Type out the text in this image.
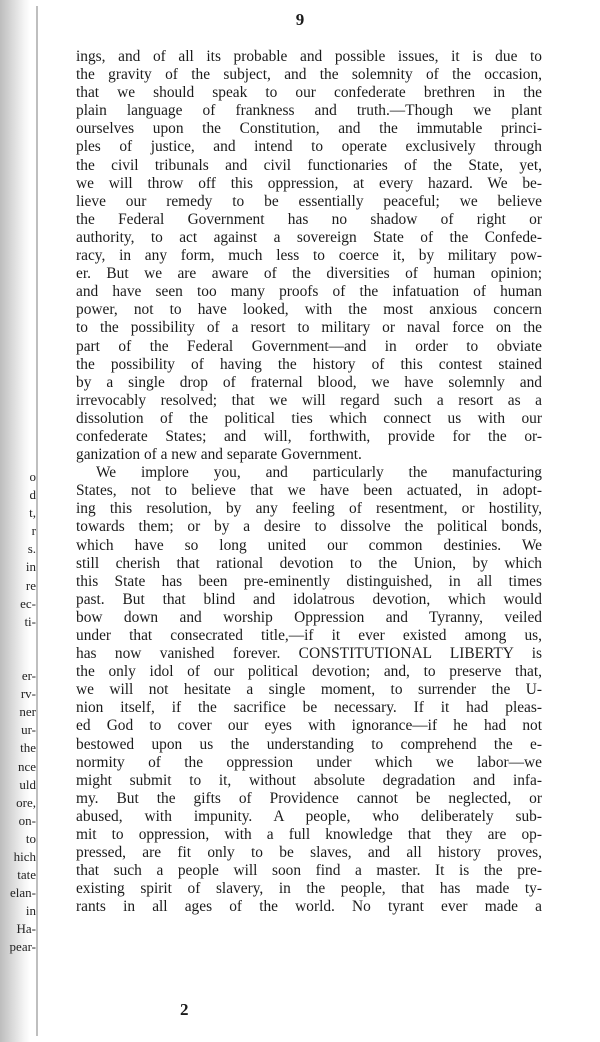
9
o
d
t,
r
s.
in
re
ec-
ti-
er-
rv-
ner
ur-
the
nce
uld
ore,
on-
to
hich
tate
elan-
in
Ha-
pear-
ings, and of all its probable and possible issues, it is due to
the gravity of the subject, and the solemnity of the occasion,
that we should speak to our confederate brethren in the
plain language of frankness and truth.—Though we plant
ourselves upon the Constitution, and the immutable princi-
ples of justice, and intend to operate exclusively through
the civil tribunals and civil functionaries of the State, yet,
we will throw off this oppression, at every hazard. We be-
lieve our remedy to be essentially peaceful; we believe
the Federal Government has no shadow of right or
authority, to act against a sovereign State of the Confede-
racy, in any form, much less to coerce it, by military pow-
er. But we are aware of the diversities of human opinion;
and have seen too many proofs of the infatuation of human
power, not to have looked, with the most anxious concern
to the possibility of a resort to military or naval force on the
part of the Federal Government—and in order to obviate
the possibility of having the history of this contest stained
by a single drop of fraternal blood, we have solemnly and
irrevocably resolved; that we will regard such a resort as a
dissolution of the political ties which connect us with our
confederate States; and will, forthwith, provide for the or-
ganization of a new and separate Government.
We implore you, and particularly the manufacturing
States, not to believe that we have been actuated, in adopt-
ing this resolution, by any feeling of resentment, or hostility,
towards them; or by a desire to dissolve the political bonds,
which have so long united our common destinies. We
still cherish that rational devotion to the Union, by which
this State has been pre-eminently distinguished, in all times
past. But that blind and idolatrous devotion, which would
bow down and worship Oppression and Tyranny, veiled
under that consecrated title,—if it ever existed among us,
has now vanished forever. CONSTITUTIONAL LIBERTY is
the only idol of our political devotion; and, to preserve that,
we will not hesitate a single moment, to surrender the U-
nion itself, if the sacrifice be necessary. If it had pleas-
ed God to cover our eyes with ignorance—if he had not
bestowed upon us the understanding to comprehend the e-
normity of the oppression under which we labor—we
might submit to it, without absolute degradation and infa-
my. But the gifts of Providence cannot be neglected, or
abused, with impunity. A people, who deliberately sub-
mit to oppression, with a full knowledge that they are op-
pressed, are fit only to be slaves, and all history proves,
that such a people will soon find a master. It is the pre-
existing spirit of slavery, in the people, that has made ty-
rants in all ages of the world. No tyrant ever made a
2
